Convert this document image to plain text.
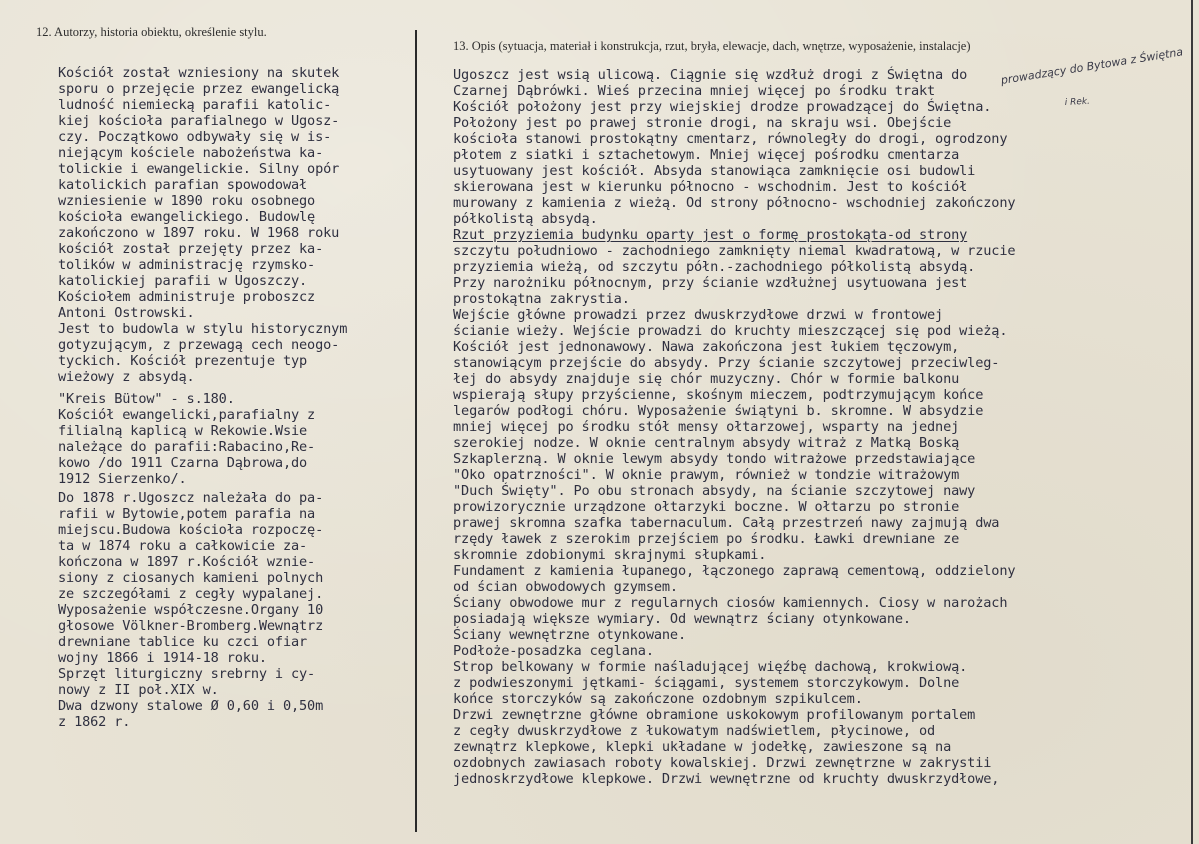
12. Autorzy, historia obiektu, określenie stylu.
13. Opis (sytuacja, materiał i konstrukcja, rzut, bryła, elewacje, dach, wnętrze, wyposażenie, instalacje)
Kościół został wzniesiony na skutek
sporu o przejęcie przez ewangelicką
ludność niemiecką parafii katolic-
kiej kościoła parafialnego w Ugosz-
czy. Początkowo odbywały się w is-
niejącym kościele nabożeństwa ka-
tolickie i ewangelickie. Silny opór
katolickich parafian spowodował
wzniesienie w 1890 roku osobnego
kościoła ewangelickiego. Budowlę
zakończono w 1897 roku. W 1968 roku
kościół został przejęty przez ka-
tolików w administrację rzymsko-
katolickiej parafii w Ugoszczy.
Kościołem administruje proboszcz
Antoni Ostrowski.
Jest to budowla w stylu historycznym
gotyzującym, z przewagą cech neogo-
tyckich. Kościół prezentuje typ
wieżowy z absydą.
"Kreis Bütow" - s.180.
Kościół ewangelicki,parafialny z
filialną kaplicą w Rekowie.Wsie
należące do parafii:Rabacino,Re-
kowo /do 1911 Czarna Dąbrowa,do
1912 Sierzenko/.
Do 1878 r.Ugoszcz należała do pa-
rafii w Bytowie,potem parafia na
miejscu.Budowa kościoła rozpoczę-
ta w 1874 roku a całkowicie za-
kończona w 1897 r.Kościół wznie-
siony z ciosanych kamieni polnych
ze szczegółami z cegły wypalanej.
Wyposażenie współczesne.Organy 10
głosowe Völkner-Bromberg.Wewnątrz
drewniane tablice ku czci ofiar
wojny 1866 i 1914-18 roku.
Sprzęt liturgiczny srebrny i cy-
nowy z II poł.XIX w.
Dwa dzwony stalowe Ø 0,60 i 0,50m
z 1862 r.
Ugoszcz jest wsią ulicową. Ciągnie się wzdłuż drogi z Świętna do
Czarnej Dąbrówki. Wieś przecina mniej więcej po środku trakt
Kościół położony jest przy wiejskiej drodze prowadzącej do Świętna.
Położony jest po prawej stronie drogi, na skraju wsi. Obejście
kościoła stanowi prostokątny cmentarz, równoległy do drogi, ogrodzony
płotem z siatki i sztachetowym. Mniej więcej pośrodku cmentarza
usytuowany jest kościół. Absyda stanowiąca zamknięcie osi budowli
skierowana jest w kierunku północno - wschodnim. Jest to kościół
murowany z kamienia z wieżą. Od strony północno- wschodniej zakończony
półkolistą absydą.
Rzut przyziemia budynku oparty jest o formę prostokąta-od strony
szczytu południowo - zachodniego zamknięty niemal kwadratową, w rzucie
przyziemia wieżą, od szczytu półn.-zachodniego półkolistą absydą.
Przy narożniku północnym, przy ścianie wzdłużnej usytuowana jest
prostokątna zakrystia.
Wejście główne prowadzi przez dwuskrzydłowe drzwi w frontowej
ścianie wieży. Wejście prowadzi do kruchty mieszczącej się pod wieżą.
Kościół jest jednonawowy. Nawa zakończona jest łukiem tęczowym,
stanowiącym przejście do absydy. Przy ścianie szczytowej przeciwleg-
łej do absydy znajduje się chór muzyczny. Chór w formie balkonu
wspierają słupy przyścienne, skośnym mieczem, podtrzymującym końce
legarów podłogi chóru. Wyposażenie świątyni b. skromne. W absydzie
mniej więcej po środku stół mensy ołtarzowej, wsparty na jednej
szerokiej nodze. W oknie centralnym absydy witraż z Matką Boską
Szkaplerzną. W oknie lewym absydy tondo witrażowe przedstawiające
"Oko opatrzności". W oknie prawym, również w tondzie witrażowym
"Duch Święty". Po obu stronach absydy, na ścianie szczytowej nawy
prowizorycznie urządzone ołtarzyki boczne. W ołtarzu po stronie
prawej skromna szafka tabernaculum. Całą przestrzeń nawy zajmują dwa
rzędy ławek z szerokim przejściem po środku. Ławki drewniane ze
skromnie zdobionymi skrajnymi słupkami.
Fundament z kamienia łupanego, łączonego zaprawą cementową, oddzielony
od ścian obwodowych gzymsem.
Ściany obwodowe mur z regularnych ciosów kamiennych. Ciosy w narożach
posiadają większe wymiary. Od wewnątrz ściany otynkowane.
Ściany wewnętrzne otynkowane.
Podłoże-posadzka ceglana.
Strop belkowany w formie naśladującej więźbę dachową, krokwiową.
z podwieszonymi jętkami- ściągami, systemem storczykowym. Dolne
końce storczyków są zakończone ozdobnym szpikulcem.
Drzwi zewnętrzne główne obramione uskokowym profilowanym portalem
z cegły dwuskrzydłowe z łukowatym nadświetlem, płycinowe, od
zewnątrz klepkowe, klepki układane w jodełkę, zawieszone są na
ozdobnych zawiasach roboty kowalskiej. Drzwi zewnętrzne w zakrystii
jednoskrzydłowe klepkowe. Drzwi wewnętrzne od kruchty dwuskrzydłowe,
prowadzący do Bytowa z Świętna
i Rek.
